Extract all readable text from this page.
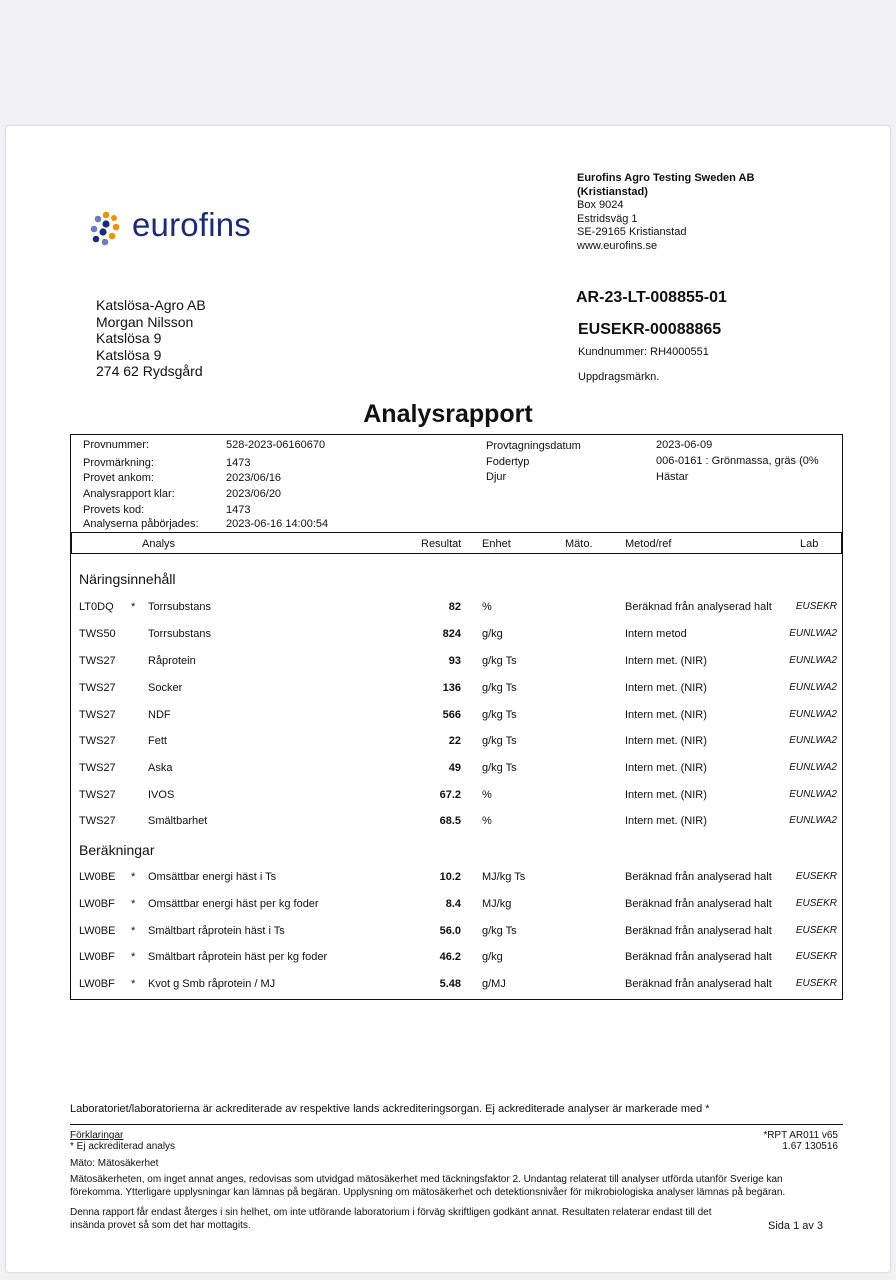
eurofins
Eurofins Agro Testing Sweden AB
(Kristianstad)
Box 9024
Estridsväg 1
SE-29165 Kristianstad
www.eurofins.se
Katslösa-Agro AB
Morgan Nilsson
Katslösa 9
Katslösa 9
274 62 Rydsgård
AR-23-LT-008855-01
EUSEKR-00088865
Kundnummer: RH4000551
Uppdragsmärkn.
Analysrapport
Provnummer:	528-2023-06160670
Provmärkning:	1473
Provet ankom:	2023/06/16
Analysrapport klar:	2023/06/20
Provets kod:	1473
Analyserna påbörjades: 2023-06-16 14:00:54
Provtagningsdatum	2023-06-09
Fodertyp	006-0161 : Grönmassa, gräs (0%
Djur	Hästar
Analys	Resultat Enhet	Mäto.	Metod/ref	Lab
Näringsinnehåll
LT0DQ * Torrsubstans	82 %	Beräknad från analyserad halt	EUSEKR
TWS50	Torrsubstans	824 g/kg	Intern metod	EUNLWA2
TWS27	Råprotein	93 g/kg Ts	Intern met. (NIR)	EUNLWA2
TWS27	Socker	136 g/kg Ts	Intern met. (NIR)	EUNLWA2
TWS27	NDF	566 g/kg Ts	Intern met. (NIR)	EUNLWA2
TWS27	Fett	22 g/kg Ts	Intern met. (NIR)	EUNLWA2
TWS27	Aska	49 g/kg Ts	Intern met. (NIR)	EUNLWA2
TWS27	IVOS	67.2 %	Intern met. (NIR)	EUNLWA2
TWS27	Smältbarhet	68.5 %	Intern met. (NIR)	EUNLWA2
Beräkningar
LW0BE * Omsättbar energi häst i Ts	10.2 MJ/kg Ts	Beräknad från analyserad halt	EUSEKR
LW0BF * Omsättbar energi häst per kg foder	8.4 MJ/kg	Beräknad från analyserad halt	EUSEKR
LW0BE * Smältbart råprotein häst i Ts	56.0 g/kg Ts	Beräknad från analyserad halt	EUSEKR
LW0BF * Smältbart råprotein häst per kg foder	46.2 g/kg	Beräknad från analyserad halt	EUSEKR
LW0BF * Kvot g Smb råprotein / MJ	5.48 g/MJ	Beräknad från analyserad halt	EUSEKR
Laboratoriet/laboratorierna är ackrediterade av respektive lands ackrediteringsorgan. Ej ackrediterade analyser är markerade med *
Förklaringar
* Ej ackrediterad analys
Mäto: Mätosäkerhet
*RPT AR011 v65
1.67 130516
Mätosäkerheten, om inget annat anges, redovisas som utvidgad mätosäkerhet med täckningsfaktor 2. Undantag relaterat till analyser utförda utanför Sverige kan
förekomma. Ytterligare upplysningar kan lämnas på begäran. Upplysning om mätosäkerhet och detektionsnivåer för mikrobiologiska analyser lämnas på begäran.
Denna rapport får endast återges i sin helhet, om inte utförande laboratorium i förväg skriftligen godkänt annat. Resultaten relaterar endast till det
insända provet så som det har mottagits.	Sida 1 av 3
